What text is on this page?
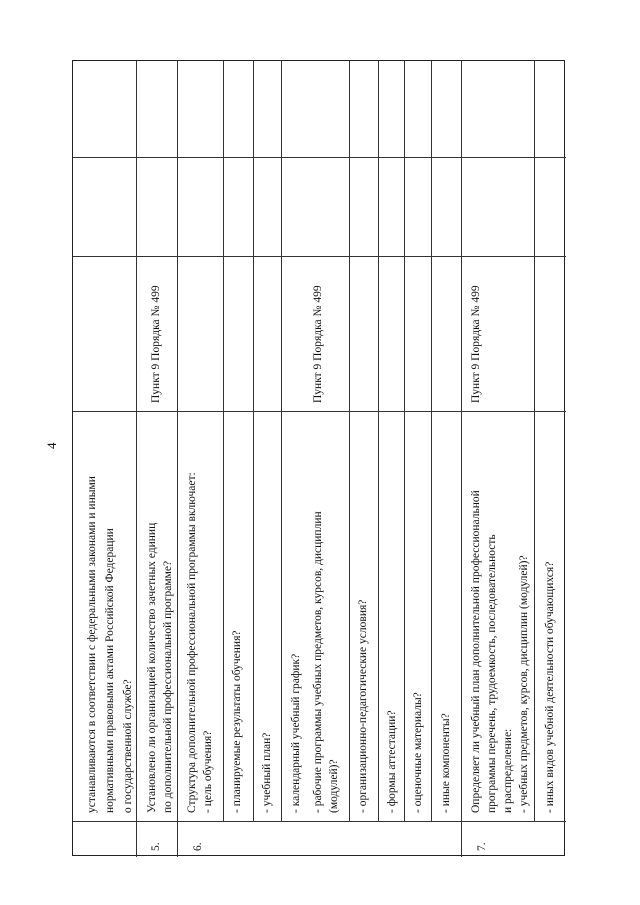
4
устанавливаются в соответствии с федеральными законами и иными нормативными правовыми актами Российской Федерации о государственной службе?
5.
Установлено ли организацией количество зачетных единиц по дополнительной профессиональной программе?
Пункт 9 Порядка № 499
6.
Структура дополнительной профессиональной программы включает: - цель обучения?
Пункт 9 Порядка № 499
- планируемые результаты обучения? - учебный план? - календарный учебный график? - рабочие программы учебных предметов, курсов, дисциплин (модулей)? - организационно-педагогические условия? - формы аттестации? - оценочные материалы? - иные компоненты?
7.
Определяет ли учебный план дополнительной профессиональной программы перечень, трудоемкость, последовательность и распределение: - учебных предметов, курсов, дисциплин (модулей)?
Пункт 9 Порядка № 499
- иных видов учебной деятельности обучающихся?
